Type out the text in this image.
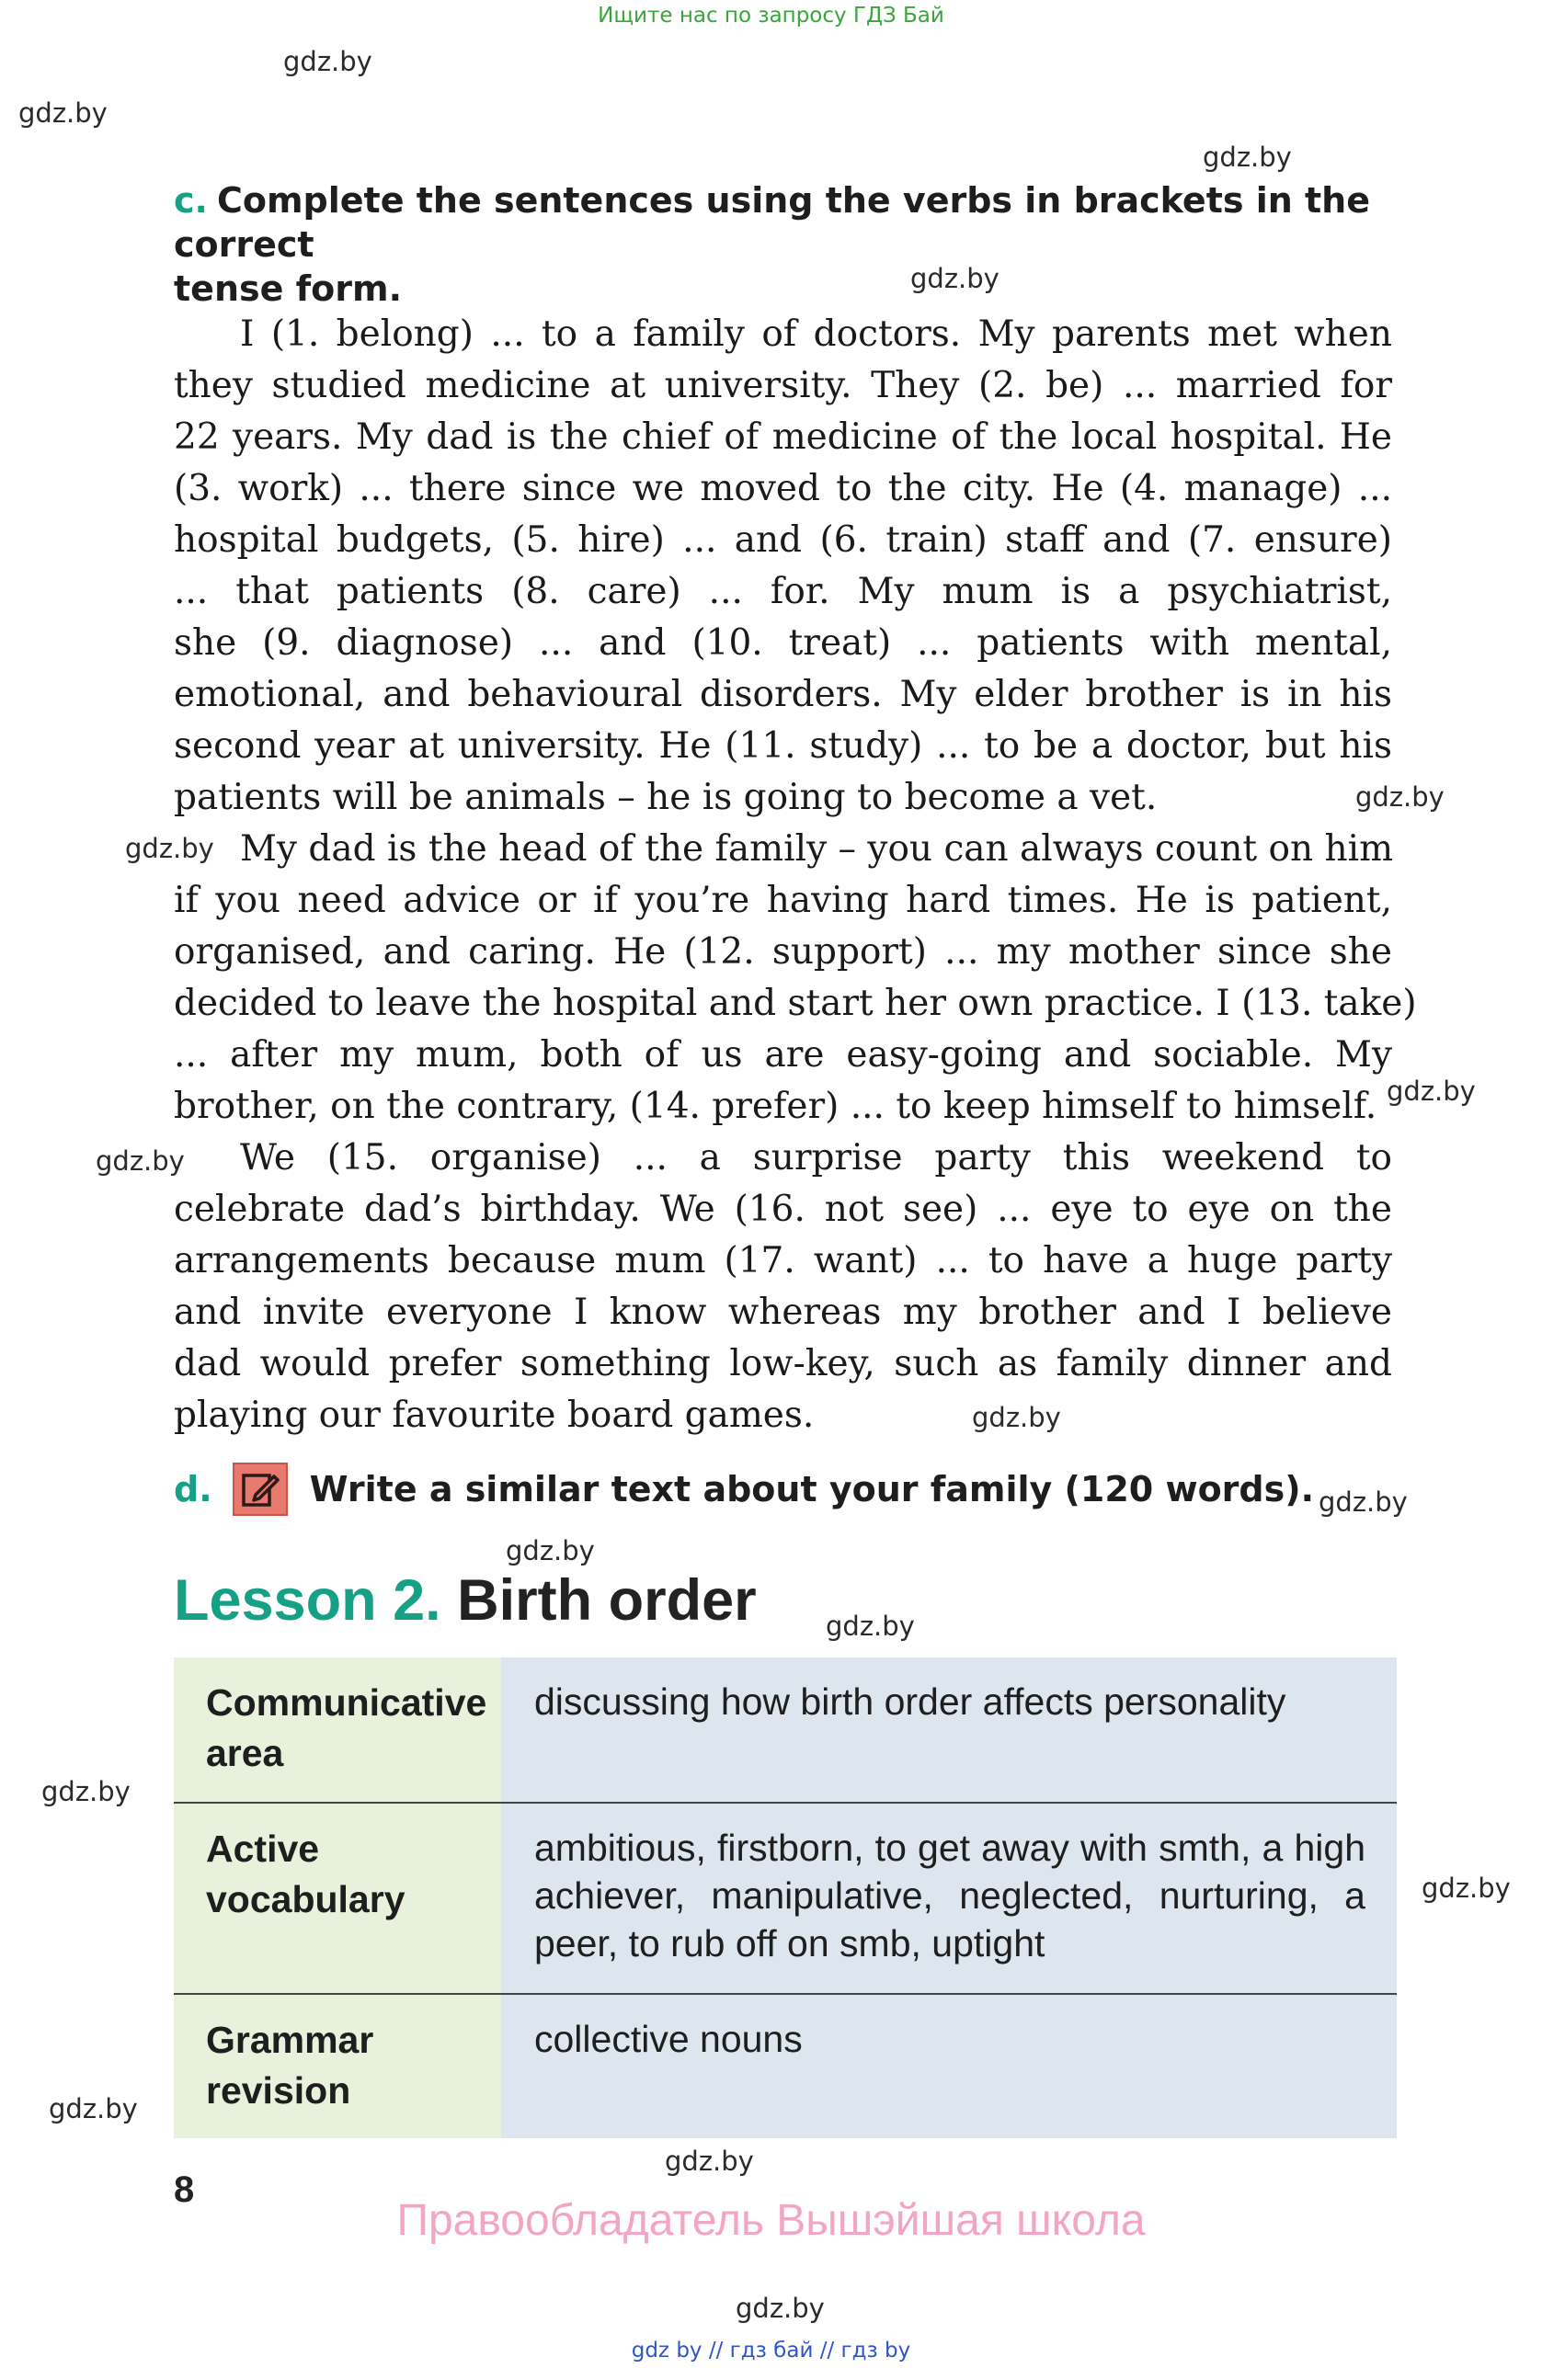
Ищите нас по запросу ГДЗ Бай
gdz.by
gdz.by
gdz.by
gdz.by
gdz.by
gdz.by
gdz.by
gdz.by
gdz.by
gdz.by
gdz.by
gdz.by
gdz.by
gdz.by
gdz.by
gdz.by
gdz.by
c. Complete the sentences using the verbs in brackets in the correct
tense form.
I (1. belong) ... to a family of doctors. My parents met when
they studied medicine at university. They (2. be) ... married for
22 years. My dad is the chief of medicine of the local hospital. He
(3. work) ... there since we moved to the city. He (4. manage) ...
hospital budgets, (5. hire) ... and (6. train) staff and (7. ensure)
... that patients (8. care) ... for. My mum is a psychiatrist,
she (9. diagnose) ... and (10. treat) ... patients with mental,
emotional, and behavioural disorders. My elder brother is in his
second year at university. He (11. study) ... to be a doctor, but his
patients will be animals – he is going to become a vet.
My dad is the head of the family – you can always count on him
if you need advice or if you’re having hard times. He is patient,
organised, and caring. He (12. support) ... my mother since she
decided to leave the hospital and start her own practice. I (13. take)
... after my mum, both of us are easy-going and sociable. My
brother, on the contrary, (14. prefer) ... to keep himself to himself.
We (15. organise) ... a surprise party this weekend to
celebrate dad’s birthday. We (16. not see) ... eye to eye on the
arrangements because mum (17. want) ... to have a huge party
and invite everyone I know whereas my brother and I believe
dad would prefer something low-key, such as family dinner and
playing our favourite board games.
d.	Write a similar text about your family (120 words).
Lesson 2. Birth order
Communicative
area
discussing how birth order affects personality
Active
vocabulary
ambitious, firstborn, to get away with smth, a high achiever, manipulative, neglected, nurturing, a peer, to rub off on smb, uptight
Grammar
revision
collective nouns
8
Правообладатель Вышэйшая школа
gdz by // гдз бай // гдз by
